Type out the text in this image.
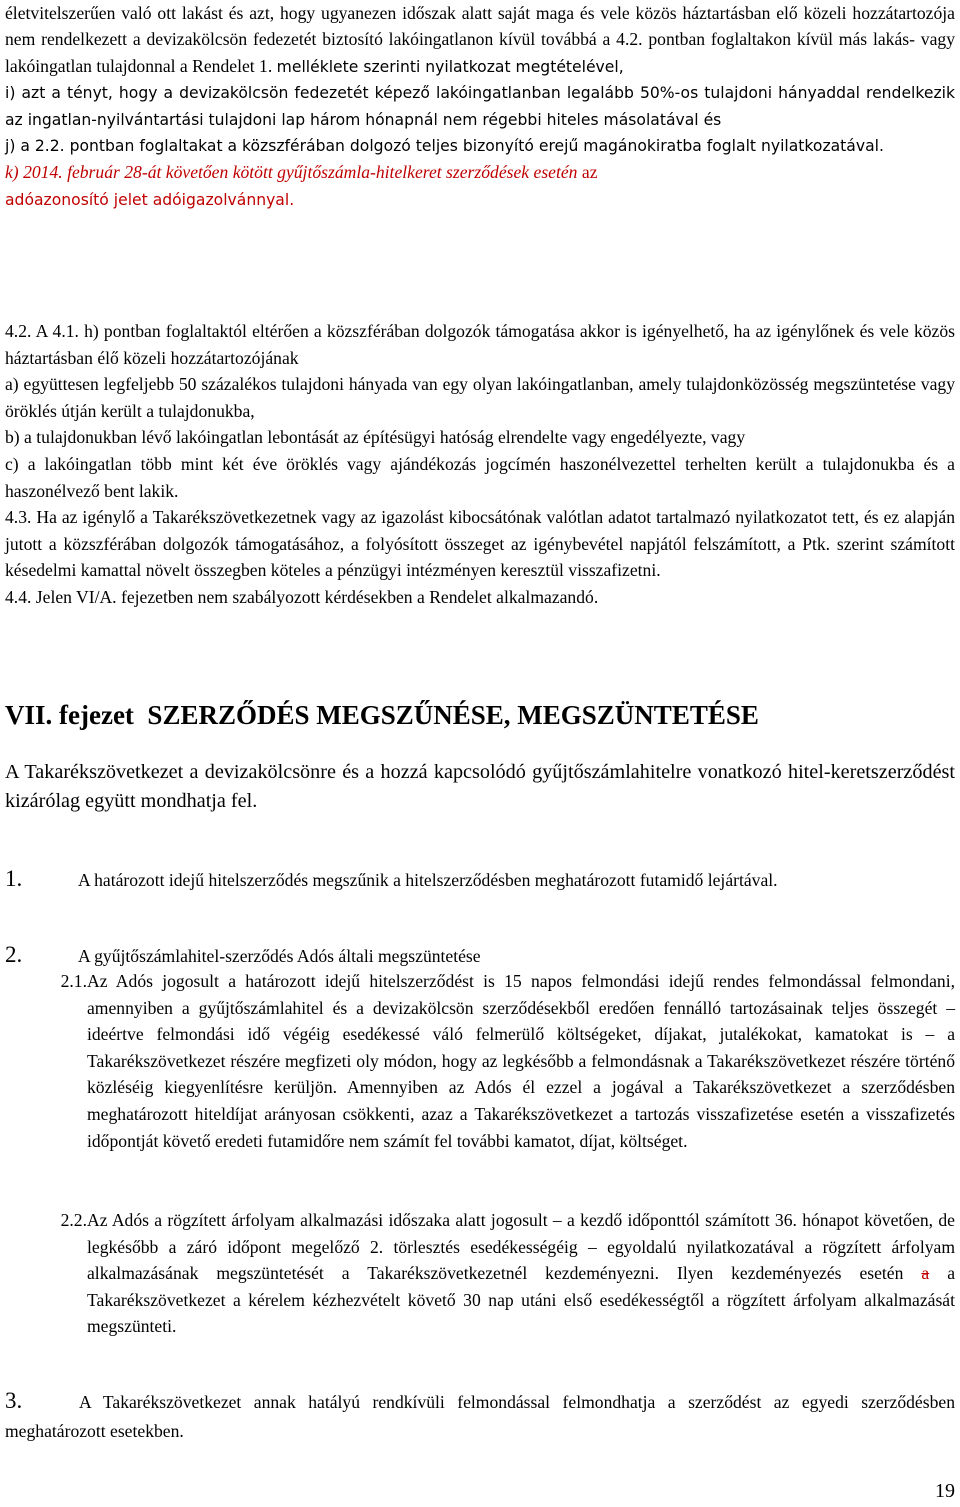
életvitelszerűen való ott lakást és azt, hogy ugyanezen időszak alatt saját maga és vele közös háztartásban elő közeli hozzátartozója nem rendelkezett a devizakölcsön fedezetét biztosító lakóingatlanon kívül továbbá a 4.2. pontban foglaltakon kívül más lakás- vagy lakóingatlan tulajdonnal a Rendelet 1. melléklete szerinti nyilatkozat megtételével,

i) azt a tényt, hogy a devizakölcsön fedezetét képező lakóingatlanban legalább 50%-os tulajdoni hányaddal rendelkezik az ingatlan-nyilvántartási tulajdoni lap három hónapnál nem régebbi hiteles másolatával és

j) a 2.2. pontban foglaltakat a közszférában dolgozó teljes bizonyító erejű magánokiratba foglalt nyilatkozatával.

k) 2014. február 28-át követően kötött gyűjtőszámla-hitelkeret szerződések esetén az
adóazonosító jelet adóigazolvánnyal.

4.2. A 4.1. h) pontban foglaltaktól eltérően a közszférában dolgozók támogatása akkor is igényelhető, ha az igénylőnek és vele közös háztartásban élő közeli hozzátartozójának

a) együttesen legfeljebb 50 százalékos tulajdoni hányada van egy olyan lakóingatlanban, amely tulajdonközösség megszüntetése vagy öröklés útján került a tulajdonukba,

b) a tulajdonukban lévő lakóingatlan lebontását az építésügyi hatóság elrendelte vagy engedélyezte, vagy

c) a lakóingatlan több mint két éve öröklés vagy ajándékozás jogcímén haszonélvezettel terhelten került a tulajdonukba és a haszonélvező bent lakik.

4.3. Ha az igénylő a Takarékszövetkezetnek vagy az igazolást kibocsátónak valótlan adatot tartalmazó nyilatkozatot tett, és ez alapján jutott a közszférában dolgozók támogatásához, a folyósított összeget az igénybevétel napjától felszámított, a Ptk. szerint számított késedelmi kamattal növelt összegben köteles a pénzügyi intézményen keresztül visszafizetni.

4.4. Jelen VI/A. fejezetben nem szabályozott kérdésekben a Rendelet alkalmazandó.

VII. fejezet  SZERZŐDÉS MEGSZŰNÉSE, MEGSZÜNTETÉSE

A Takarékszövetkezet a devizakölcsönre és a hozzá kapcsolódó gyűjtőszámlahitelre vonatkozó hitel-keretszerződést kizárólag együtt mondhatja fel.

1.	A határozott idejű hitelszerződés megszűnik a hitelszerződésben meghatározott futamidő lejártával.

2.	A gyűjtőszámlahitel-szerződés Adós általi megszüntetése

2.1. Az Adós jogosult a határozott idejű hitelszerződést is 15 napos felmondási idejű rendes felmondással felmondani, amennyiben a gyűjtőszámlahitel és a devizakölcsön szerződésekből eredően fennálló tartozásainak teljes összegét – ideértve felmondási idő végéig esedékessé váló felmerülő költségeket, díjakat, jutalékokat, kamatokat is – a Takarékszövetkezet részére megfizeti oly módon, hogy az legkésőbb a felmondásnak a Takarékszövetkezet részére történő közléséig kiegyenlítésre kerüljön. Amennyiben az Adós él ezzel a jogával a Takarékszövetkezet a szerződésben meghatározott hiteldíjat arányosan csökkenti, azaz a Takarékszövetkezet a tartozás visszafizetése esetén a visszafizetés időpontját követő eredeti futamidőre nem számít fel további kamatot, díjat, költséget.
2.2. Az Adós a rögzített árfolyam alkalmazási időszaka alatt jogosult – a kezdő időponttól számított 36. hónapot követően, de legkésőbb a záró időpont megelőző 2. törlesztés esedékességéig – egyoldalú nyilatkozatával a rögzített árfolyam alkalmazásának megszüntetését a Takarékszövetkezetnél kezdeményezni. Ilyen kezdeményezés esetén a a Takarékszövetkezet a kérelem kézhezvételt követő 30 nap utáni első esedékességtől a rögzített árfolyam alkalmazását megszünteti.

3.	A Takarékszövetkezet annak hatályú rendkívüli felmondással felmondhatja a szerződést az egyedi szerződésben meghatározott esetekben.

19
